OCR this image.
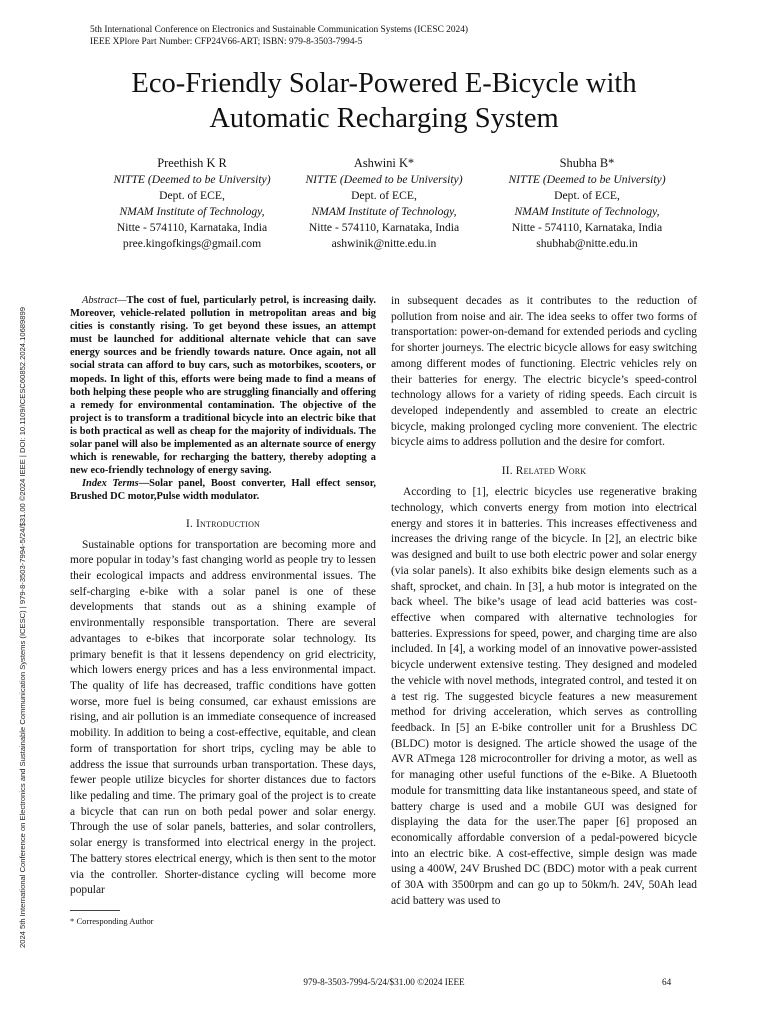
5th International Conference on Electronics and Sustainable Communication Systems (ICESC 2024)
IEEE XPlore Part Number: CFP24V66-ART; ISBN: 979-8-3503-7994-5
Eco-Friendly Solar-Powered E-Bicycle with
Automatic Recharging System
Preethish K R
NITTE (Deemed to be University)
Dept. of ECE,
NMAM Institute of Technology,
Nitte - 574110, Karnataka, India
pree.kingofkings@gmail.com
Ashwini K*
NITTE (Deemed to be University)
Dept. of ECE,
NMAM Institute of Technology,
Nitte - 574110, Karnataka, India
ashwinik@nitte.edu.in
Shubha B*
NITTE (Deemed to be University)
Dept. of ECE,
NMAM Institute of Technology,
Nitte - 574110, Karnataka, India
shubhab@nitte.edu.in
2024 5th International Conference on Electronics and Sustainable Communication Systems (ICESC) | 979-8-3503-7994-5/24/$31.00 ©2024 IEEE | DOI: 10.1109/ICESC60852.2024.10689899

Abstract—The cost of fuel, particularly petrol, is increasing daily. Moreover, vehicle-related pollution in metropolitan areas and big cities is constantly rising. To get beyond these issues, an attempt must be launched for additional alternate vehicle that can save energy sources and be friendly towards nature. Once again, not all social strata can afford to buy cars, such as motorbikes, scooters, or mopeds. In light of this, efforts were being made to find a means of both helping these people who are struggling financially and offering a remedy for environmental contamination. The objective of the project is to transform a traditional bicycle into an electric bike that is both practical as well as cheap for the majority of individuals. The solar panel will also be implemented as an alternate source of energy which is renewable, for recharging the battery, thereby adopting a new eco-friendly technology of energy saving.

Index Terms—Solar panel, Boost converter, Hall effect sensor, Brushed DC motor,Pulse width modulator.

I. Introduction

Sustainable options for transportation are becoming more and more popular in today’s fast changing world as people try to lessen their ecological impacts and address environmental issues. The self-charging e-bike with a solar panel is one of these developments that stands out as a shining example of environmentally responsible transportation. There are several advantages to e-bikes that incorporate solar technology. Its primary benefit is that it lessens dependency on grid electricity, which lowers energy prices and has a less environmental impact. The quality of life has decreased, traffic conditions have gotten worse, more fuel is being consumed, car exhaust emissions are rising, and air pollution is an immediate consequence of increased mobility. In addition to being a cost-effective, equitable, and clean form of transportation for short trips, cycling may be able to address the issue that surrounds urban transportation. These days, fewer people utilize bicycles for shorter distances due to factors like pedaling and time. The primary goal of the project is to create a bicycle that can run on both pedal power and solar energy. Through the use of solar panels, batteries, and solar controllers, solar energy is transformed into electrical energy in the project. The battery stores electrical energy, which is then sent to the motor via the controller. Shorter-distance cycling will become more popular

in subsequent decades as it contributes to the reduction of pollution from noise and air. The idea seeks to offer two forms of transportation: power-on-demand for extended periods and cycling for shorter journeys. The electric bicycle allows for easy switching among different modes of functioning. Electric vehicles rely on their batteries for energy. The electric bicycle’s speed-control technology allows for a variety of riding speeds. Each circuit is developed independently and assembled to create an electric bicycle, making prolonged cycling more convenient. The electric bicycle aims to address pollution and the desire for comfort.

II. Related Work

According to [1], electric bicycles use regenerative braking technology, which converts energy from motion into electrical energy and stores it in batteries. This increases effectiveness and increases the driving range of the bicycle. In [2], an electric bike was designed and built to use both electric power and solar energy (via solar panels). It also exhibits bike design elements such as a shaft, sprocket, and chain. In [3], a hub motor is integrated on the back wheel. The bike’s usage of lead acid batteries was cost-effective when compared with alternative technologies for batteries. Expressions for speed, power, and charging time are also included. In [4], a working model of an innovative power-assisted bicycle underwent extensive testing. They designed and modeled the vehicle with novel methods, integrated control, and tested it on a test rig. The suggested bicycle features a new measurement method for driving acceleration, which serves as controlling feedback. In [5] an E-bike controller unit for a Brushless DC (BLDC) motor is designed. The article showed the usage of the AVR ATmega 128 microcontroller for driving a motor, as well as for managing other useful functions of the e-Bike. A Bluetooth module for transmitting data like instantaneous speed, and state of battery charge is used and a mobile GUI was designed for displaying the data for the user.The paper [6] proposed an economically affordable conversion of a pedal-powered bicycle into an electric bike. A cost-effective, simple design was made using a 400W, 24V Brushed DC (BDC) motor with a peak current of 30A with 3500rpm and can go up to 50km/h. 24V, 50Ah lead acid battery was used to

* Corresponding Author
979-8-3503-7994-5/24/$31.00 ©2024 IEEE	64
